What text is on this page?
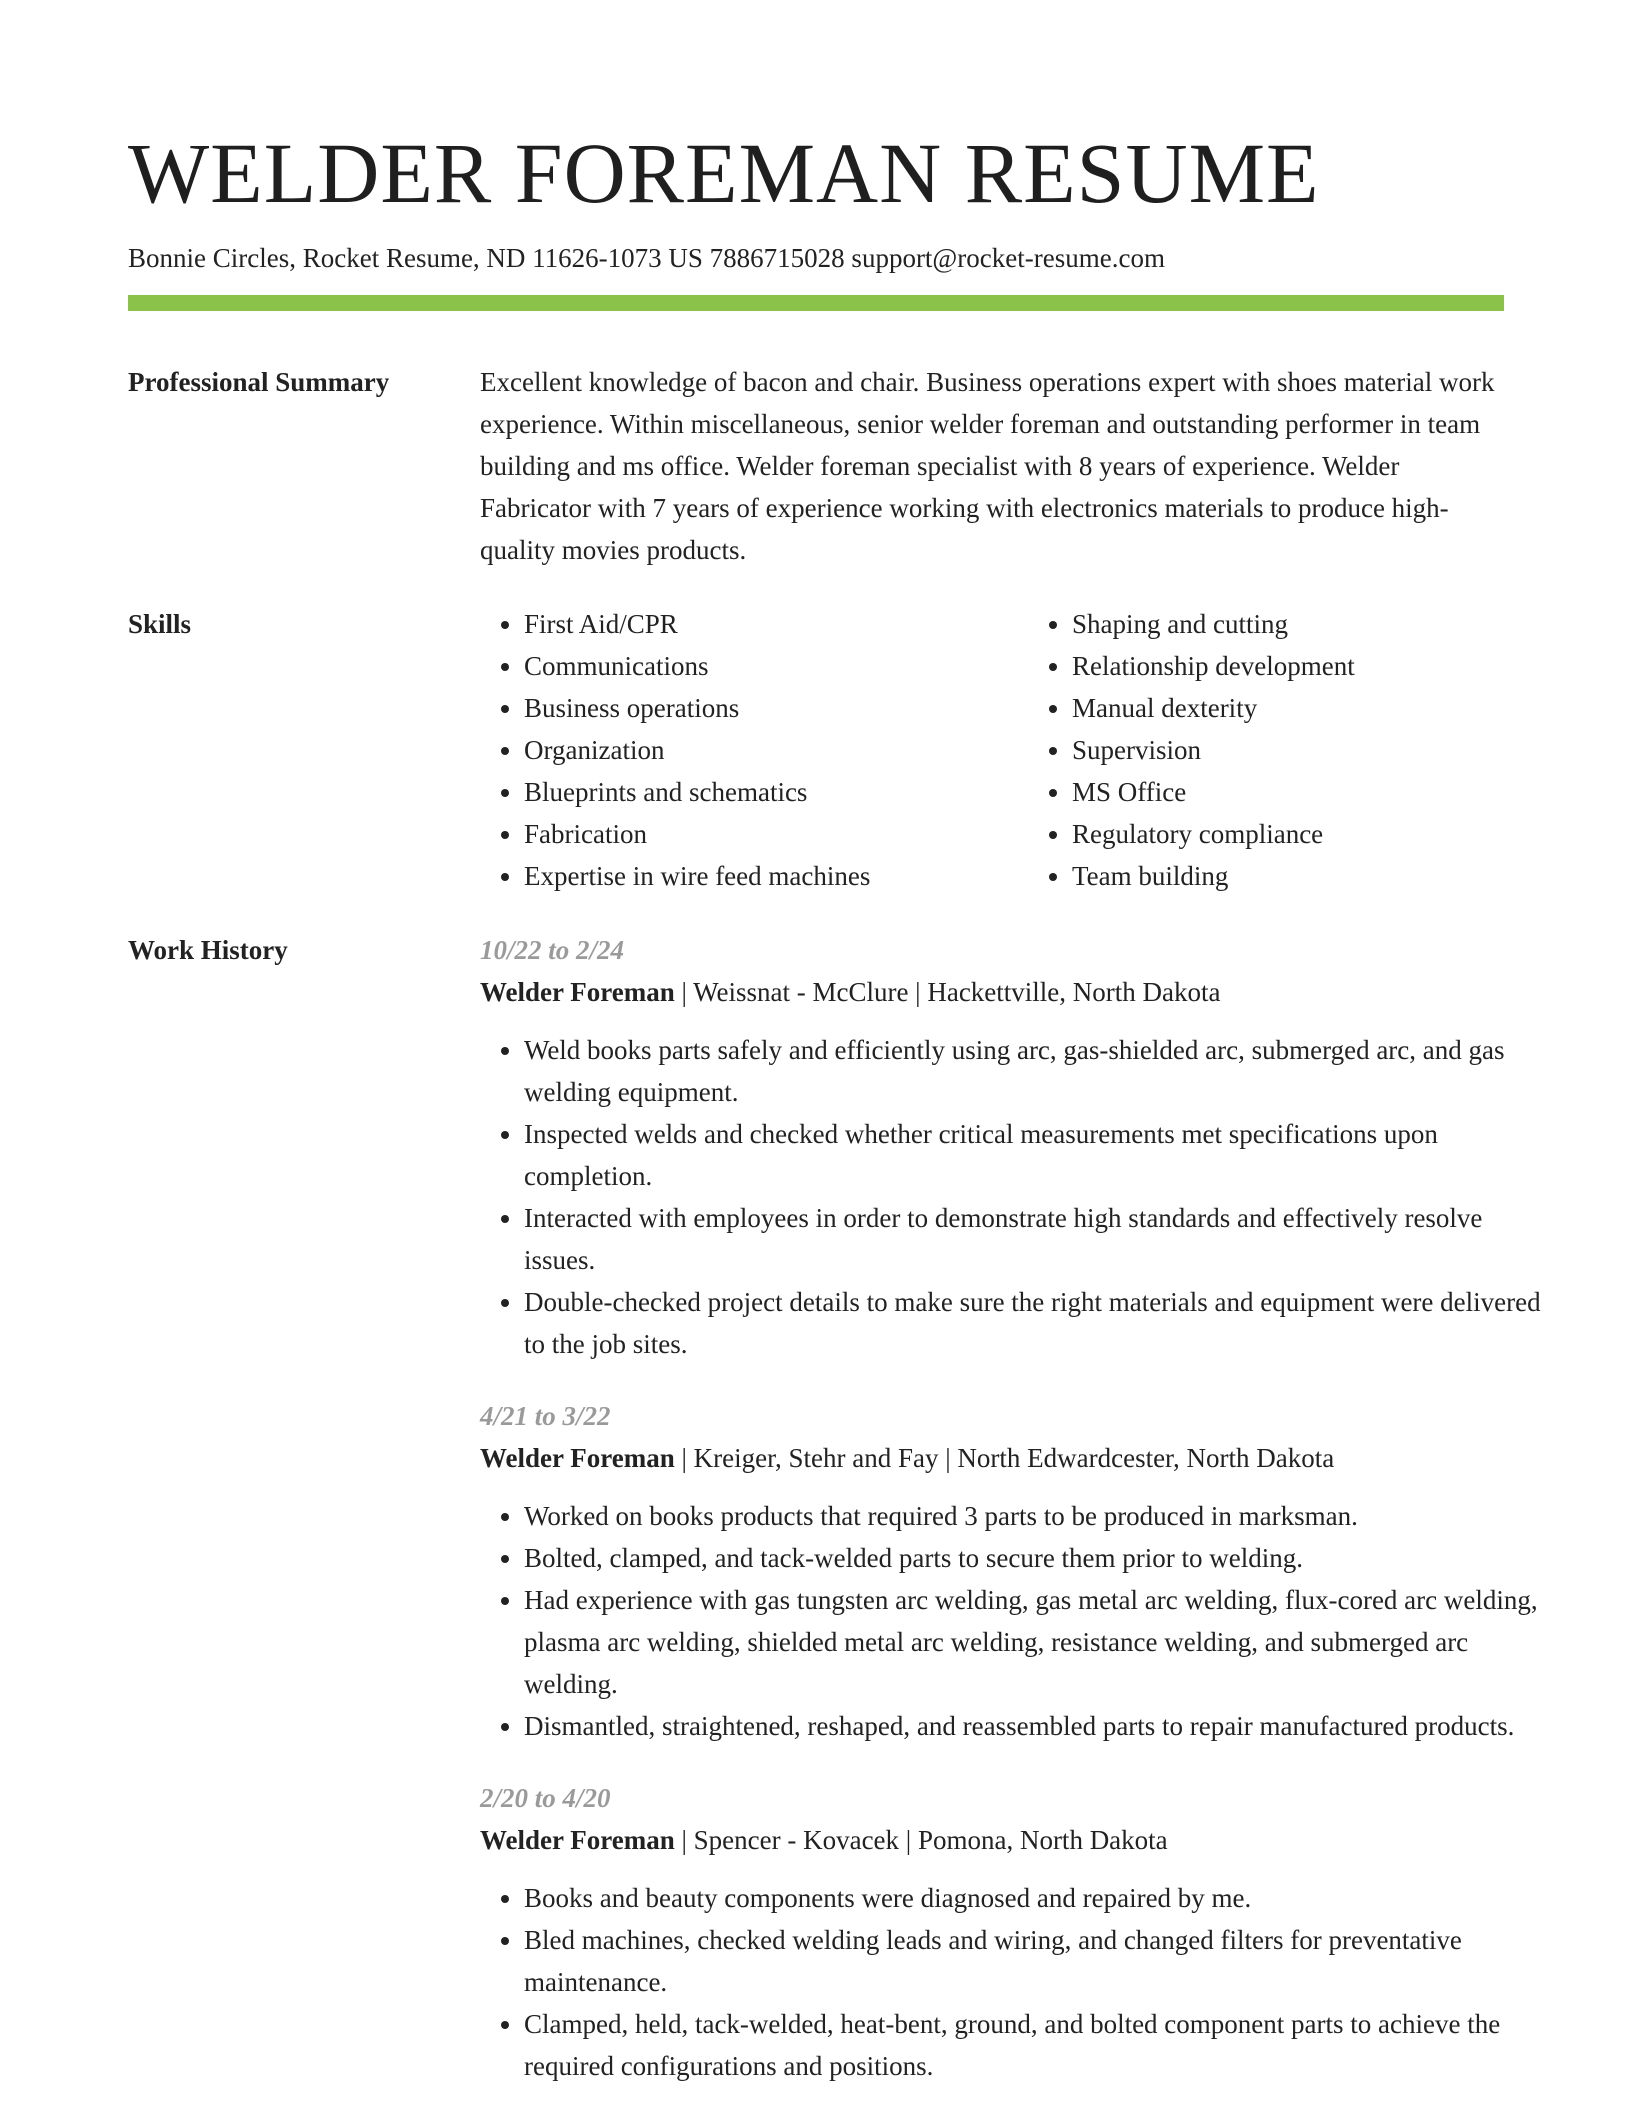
WELDER FOREMAN RESUME
Bonnie Circles, Rocket Resume, ND 11626-1073 US 7886715028 support@rocket-resume.com
Professional Summary	Excellent knowledge of bacon and chair. Business operations expert with shoes material work experience. Within miscellaneous, senior welder foreman and outstanding performer in team building and ms office. Welder foreman specialist with 8 years of experience. Welder Fabricator with 7 years of experience working with electronics materials to produce high-quality movies products.

Skills
•	First Aid/CPR
• Communications
• Business operations
• Organization
• Blueprints and schematics
• Fabrication
• Expertise in wire feed machines
• Shaping and cutting
• Relationship development
• Manual dexterity
• Supervision
• MS Office
• Regulatory compliance
• Team building
Work History	10/22 to 2/24
Welder Foreman | Weissnat - McClure | Hackettville, North Dakota
• Weld books parts safely and efficiently using arc, gas-shielded arc, submerged arc, and gas welding equipment.
• Inspected welds and checked whether critical measurements met specifications upon completion.
• Interacted with employees in order to demonstrate high standards and effectively resolve issues.
• Double-checked project details to make sure the right materials and equipment were delivered to the job sites.
4/21 to 3/22
Welder Foreman | Kreiger, Stehr and Fay | North Edwardcester, North Dakota
• Worked on books products that required 3 parts to be produced in marksman.
• Bolted, clamped, and tack-welded parts to secure them prior to welding.
• Had experience with gas tungsten arc welding, gas metal arc welding, flux-cored arc welding, plasma arc welding, shielded metal arc welding, resistance welding, and submerged arc welding.
• Dismantled, straightened, reshaped, and reassembled parts to repair manufactured products.
2/20 to 4/20
Welder Foreman | Spencer - Kovacek | Pomona, North Dakota
• Books and beauty components were diagnosed and repaired by me.
• Bled machines, checked welding leads and wiring, and changed filters for preventative maintenance.
• Clamped, held, tack-welded, heat-bent, ground, and bolted component parts to achieve the required configurations and positions.
